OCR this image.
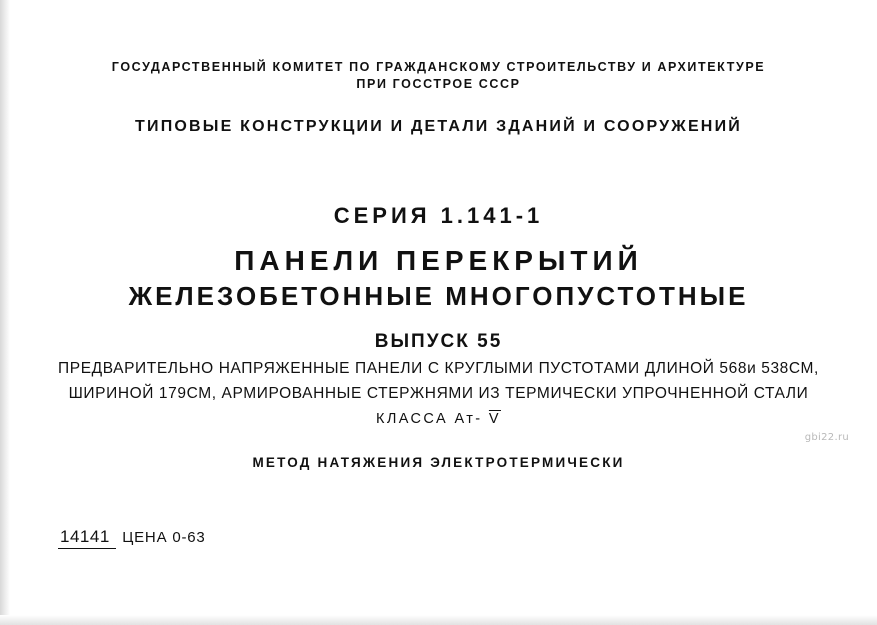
ГОСУДАРСТВЕННЫЙ КОМИТЕТ ПО ГРАЖДАНСКОМУ СТРОИТЕЛЬСТВУ И АРХИТЕКТУРЕ
ПРИ ГОССТРОЕ СССР
ТИПОВЫЕ КОНСТРУКЦИИ И ДЕТАЛИ ЗДАНИЙ И СООРУЖЕНИЙ
СЕРИЯ 1.141-1
ПАНЕЛИ ПЕРЕКРЫТИЙ
ЖЕЛЕЗОБЕТОННЫЕ МНОГОПУСТОТНЫЕ
ВЫПУСК 55
ПРЕДВАРИТЕЛЬНО НАПРЯЖЕННЫЕ ПАНЕЛИ С КРУГЛЫМИ ПУСТОТАМИ ДЛИНОЙ 568и 538СМ,
ШИРИНОЙ 179СМ, АРМИРОВАННЫЕ СТЕРЖНЯМИ ИЗ ТЕРМИЧЕСКИ УПРОЧНЕННОЙ СТАЛИ
КЛАССА Ат- $\overline{V}$
МЕТОД НАТЯЖЕНИЯ ЭЛЕКТРОТЕРМИЧЕСКИ
gbi22.ru
14141 ЦЕНА 0-63
